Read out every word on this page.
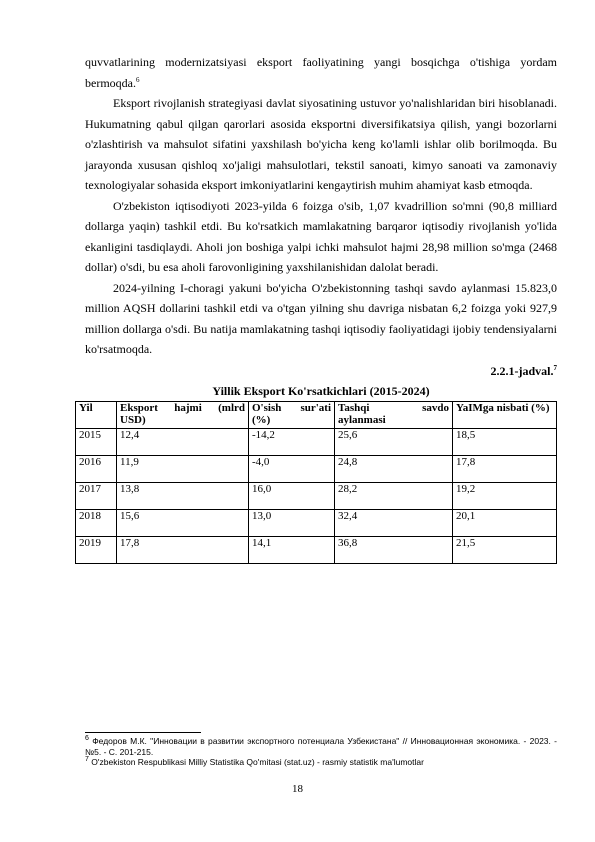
quvvatlarining modernizatsiyasi eksport faoliyatining yangi bosqichga o'tishiga yordam bermoqda.$^6$

Eksport rivojlanish strategiyasi davlat siyosatining ustuvor yo'nalishlaridan biri hisoblanadi. Hukumatning qabul qilgan qarorlari asosida eksportni diversifikatsiya qilish, yangi bozorlarni o'zlashtirish va mahsulot sifatini yaxshilash bo'yicha keng ko'lamli ishlar olib borilmoqda. Bu jarayonda xususan qishloq xo'jaligi mahsulotlari, tekstil sanoati, kimyo sanoati va zamonaviy texnologiyalar sohasida eksport imkoniyatlarini kengaytirish muhim ahamiyat kasb etmoqda.

O'zbekiston iqtisodiyoti 2023-yilda 6 foizga o'sib, 1,07 kvadrillion so'mni (90,8 milliard dollarga yaqin) tashkil etdi. Bu ko'rsatkich mamlakatning barqaror iqtisodiy rivojlanish yo'lida ekanligini tasdiqlaydi. Aholi jon boshiga yalpi ichki mahsulot hajmi 28,98 million so'mga (2468 dollar) o'sdi, bu esa aholi farovonligining yaxshilanishidan dalolat beradi.

2024-yilning I-choragi yakuni bo'yicha O'zbekistonning tashqi savdo aylanmasi 15.823,0 million AQSH dollarini tashkil etdi va o'tgan yilning shu davriga nisbatan 6,2 foizga yoki 927,9 million dollarga o'sdi. Bu natija mamlakatning tashqi iqtisodiy faoliyatidagi ijobiy tendensiyalarni ko'rsatmoqda.

2.2.1-jadval.$^7$
Yillik Eksport Ko'rsatkichlari (2015-2024)
Yil	Eksport hajmi (mlrd USD)	O'sish sur'ati (%)	Tashqi savdo aylanmasi	YaIMga nisbati (%)
2015	12,4	-14,2	25,6	18,5
2016	11,9	-4,0	24,8	17,8
2017	13,8	16,0	28,2	19,2
2018	15,6	13,0	32,4	20,1
2019	17,8	14,1	36,8	21,5
$^6$ Федоров М.К. "Инновации в развитии экспортного потенциала Узбекистана" // Инновационная экономика. - 2023. - №5. - С. 201-215.
$^7$ O'zbekiston Respublikasi Milliy Statistika Qo'mitasi (stat.uz) - rasmiy statistik ma'lumotlar
18
